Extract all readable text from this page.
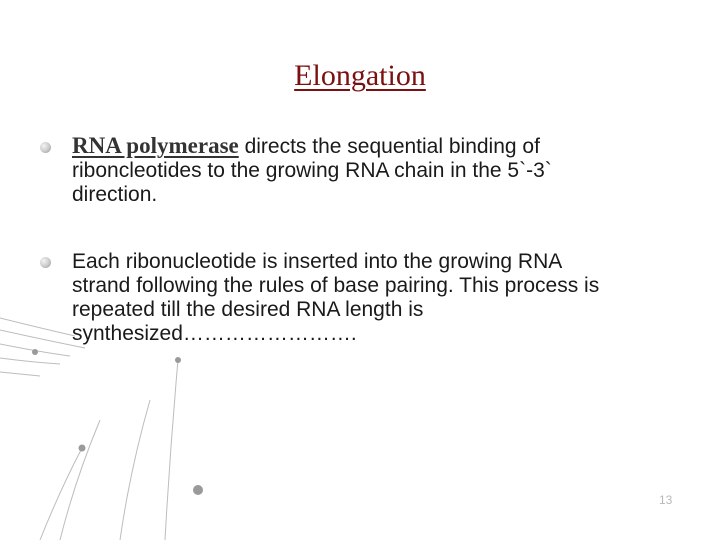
Elongation
RNA polymerase directs the sequential binding of
riboncleotides to the growing RNA chain in the 5`-3`
direction.
Each ribonucleotide is inserted into the growing RNA
strand following the rules of base pairing. This process is
repeated till the desired RNA length is
synthesized…………………….
13
